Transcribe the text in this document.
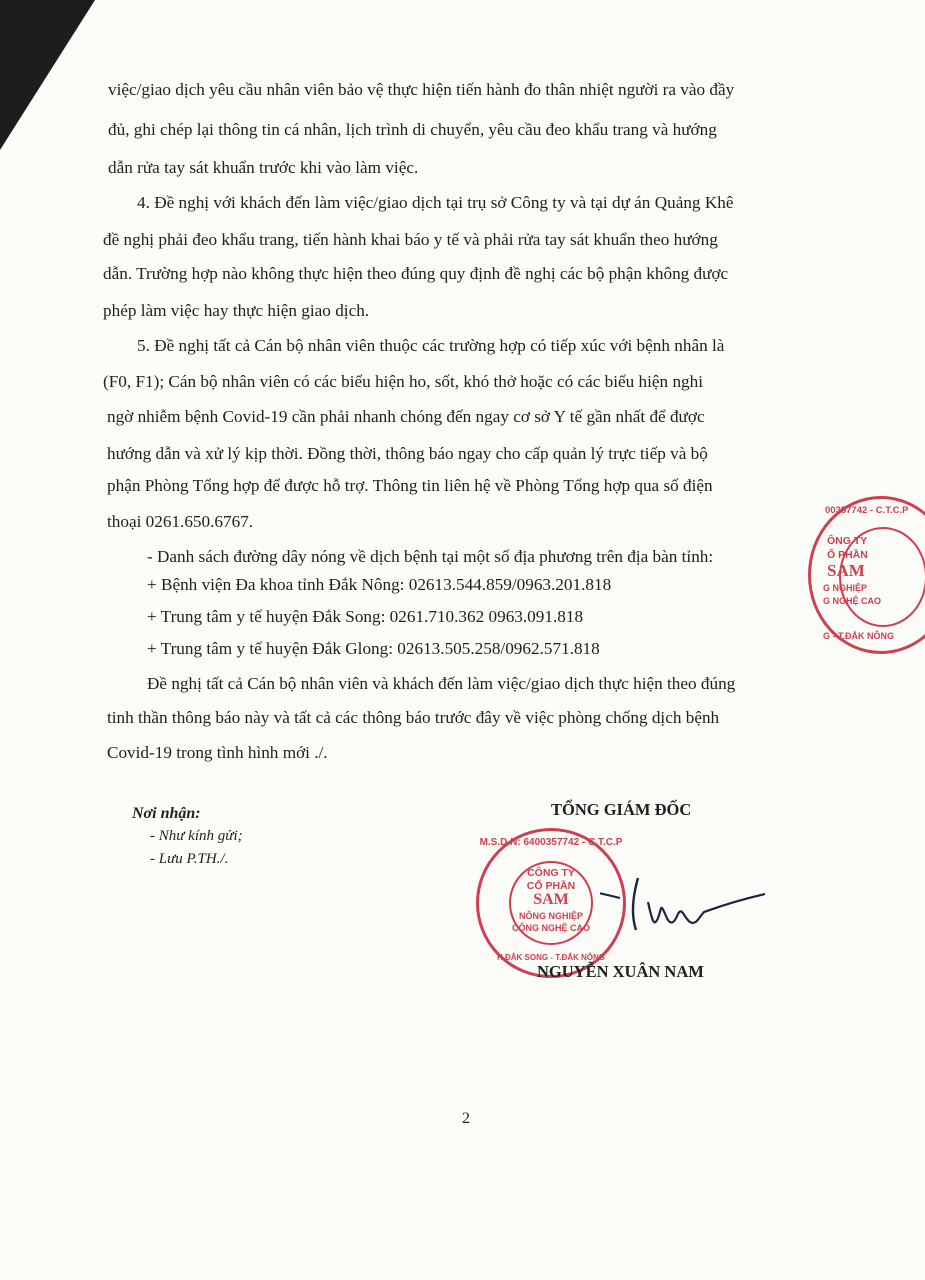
việc/giao dịch yêu cầu nhân viên bảo vệ thực hiện tiến hành đo thân nhiệt người ra vào đầy
đủ, ghi chép lại thông tin cá nhân, lịch trình di chuyển, yêu cầu đeo khẩu trang và hướng
dẫn rửa tay sát khuẩn trước khi vào làm việc.
4. Đề nghị với khách đến làm việc/giao dịch tại trụ sở Công ty và tại dự án Quảng Khê
đề nghị phải đeo khẩu trang, tiến hành khai báo y tế và phải rửa tay sát khuẩn theo hướng
dẫn. Trường hợp nào không thực hiện theo đúng quy định đề nghị các bộ phận không được
phép làm việc hay thực hiện giao dịch.
5. Đề nghị tất cả Cán bộ nhân viên thuộc các trường hợp có tiếp xúc với bệnh nhân là
(F0, F1); Cán bộ nhân viên có các biểu hiện ho, sốt, khó thở hoặc có các biểu hiện nghi
ngờ nhiễm bệnh Covid-19 cần phải nhanh chóng đến ngay cơ sở Y tế gần nhất để được
hướng dẫn và xử lý kịp thời. Đồng thời, thông báo ngay cho cấp quản lý trực tiếp và bộ
phận Phòng Tổng hợp để được hỗ trợ. Thông tin liên hệ về Phòng Tổng hợp qua số điện
thoại 0261.650.6767.
- Danh sách đường dây nóng về dịch bệnh tại một số địa phương trên địa bàn tỉnh:
+ Bệnh viện Đa khoa tỉnh Đắk Nông: 02613.544.859/0963.201.818
+ Trung tâm y tế huyện Đắk Song: 0261.710.362 0963.091.818
+ Trung tâm y tế huyện Đắk Glong: 02613.505.258/0962.571.818
Đề nghị tất cả Cán bộ nhân viên và khách đến làm việc/giao dịch thực hiện theo đúng
tinh thần thông báo này và tất cả các thông báo trước đây về việc phòng chống dịch bệnh
Covid-19 trong tình hình mới ./.
Nơi nhận:
- Như kính gửi;
- Lưu P.TH./.
TỔNG GIÁM ĐỐC
M.S.D.N: 6400357742 - C.T.C.P
CÔNG TY
CỔ PHẦN
SAM
NÔNG NGHIỆP
CÔNG NGHỆ CAO
H.ĐẮK SONG - T.ĐẮK NÔNG
NGUYỄN XUÂN NAM
00357742 - C.T.C.P
ÔNG TY
Ổ PHẦN
SAM
G NGHIỆP
G NGHỆ CAO
G - T.ĐẮK NÔNG
2
